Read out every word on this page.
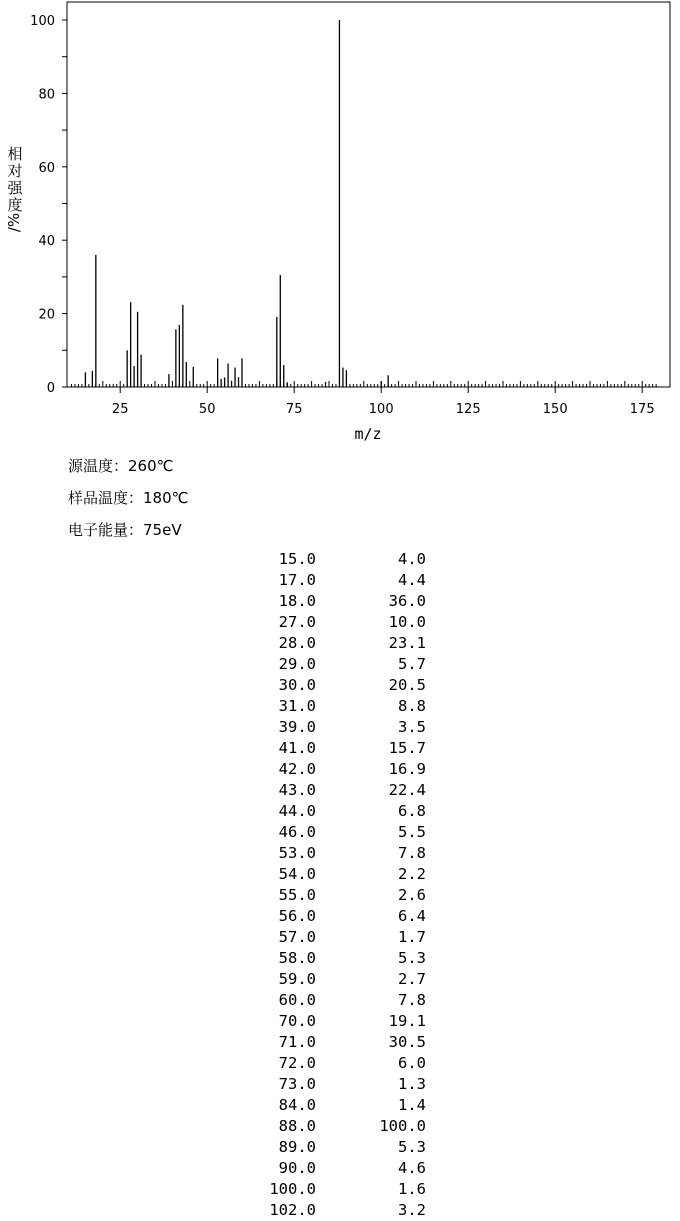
25	50	75	100	125	150	175
0
20
40
60
80
100
m/z
相
对
强
度
/%
源温度：260℃
样品温度：180℃
电子能量：75eV
15.0	4.0
17.0	4.4
18.0	36.0
27.0	10.0
28.0	23.1
29.0	5.7
30.0	20.5
31.0	8.8
39.0	3.5
41.0	15.7
42.0	16.9
43.0	22.4
44.0	6.8
46.0	5.5
53.0	7.8
54.0	2.2
55.0	2.6
56.0	6.4
57.0	1.7
58.0	5.3
59.0	2.7
60.0	7.8
70.0	19.1
71.0	30.5
72.0	6.0
73.0	1.3
84.0	1.4
88.0	100.0
89.0	5.3
90.0	4.6
100.0	1.6
102.0	3.2
